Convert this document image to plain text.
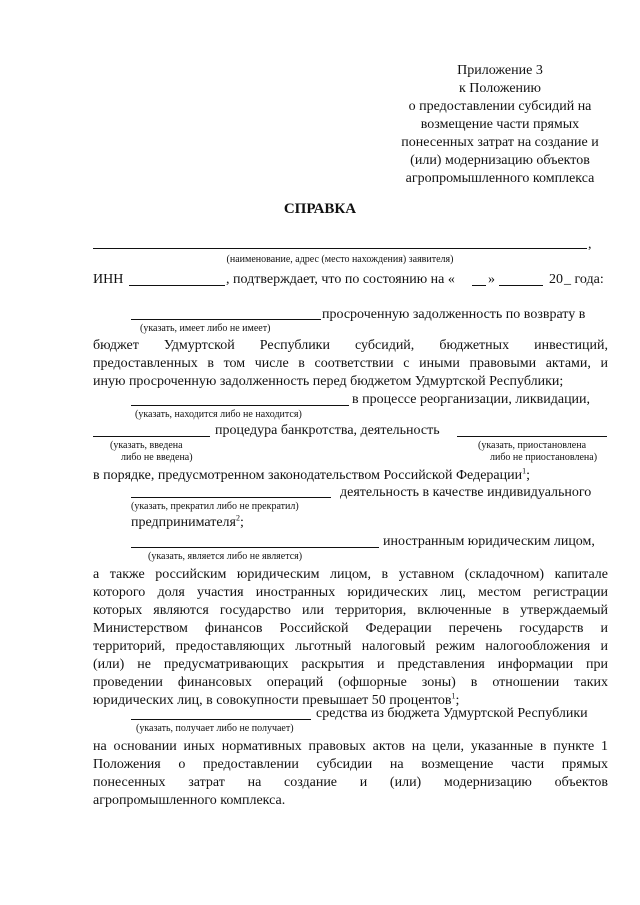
Приложение 3
к Положению
о предоставлении субсидий на
возмещение части прямых
понесенных затрат на создание и
(или) модернизацию объектов
агропромышленного комплекса
СПРАВКА
,
(наименование, адрес (место нахождения) заявителя)
ИНН	, подтверждает, что по состоянию на « »	20 _ года:
просроченную задолженность по возврату в
(указать, имеет либо не имеет)
бюджет Удмуртской Республики субсидий, бюджетных инвестиций,
предоставленных в том числе в соответствии с иными правовыми актами, и
иную просроченную задолженность перед бюджетом Удмуртской Республики;
в процессе реорганизации, ликвидации,
(указать, находится либо не находится)
процедура банкротства, деятельность
(указать, введена
либо не введена)
(указать, приостановлена
либо не приостановлена)
в порядке, предусмотренном законодательством Российской Федерации$^1$;
деятельность в качестве индивидуального
(указать, прекратил либо не прекратил)
предпринимателя$^2$;
иностранным юридическим лицом,
(указать, является либо не является)
а также российским юридическим лицом, в уставном (складочном) капитале
которого доля участия иностранных юридических лиц, местом регистрации
которых являются государство или территория, включенные в утверждаемый
Министерством финансов Российской Федерации перечень государств и
территорий, предоставляющих льготный налоговый режим налогообложения и
(или) не предусматривающих раскрытия и представления информации при
проведении финансовых операций (офшорные зоны) в отношении таких
юридических лиц, в совокупности превышает 50 процентов$^1$;
средства из бюджета Удмуртской Республики
(указать, получает либо не получает)
на основании иных нормативных правовых актов на цели, указанные в пункте 1
Положения о предоставлении субсидии на возмещение части прямых
понесенных затрат на создание и (или) модернизацию объектов
агропромышленного комплекса.
